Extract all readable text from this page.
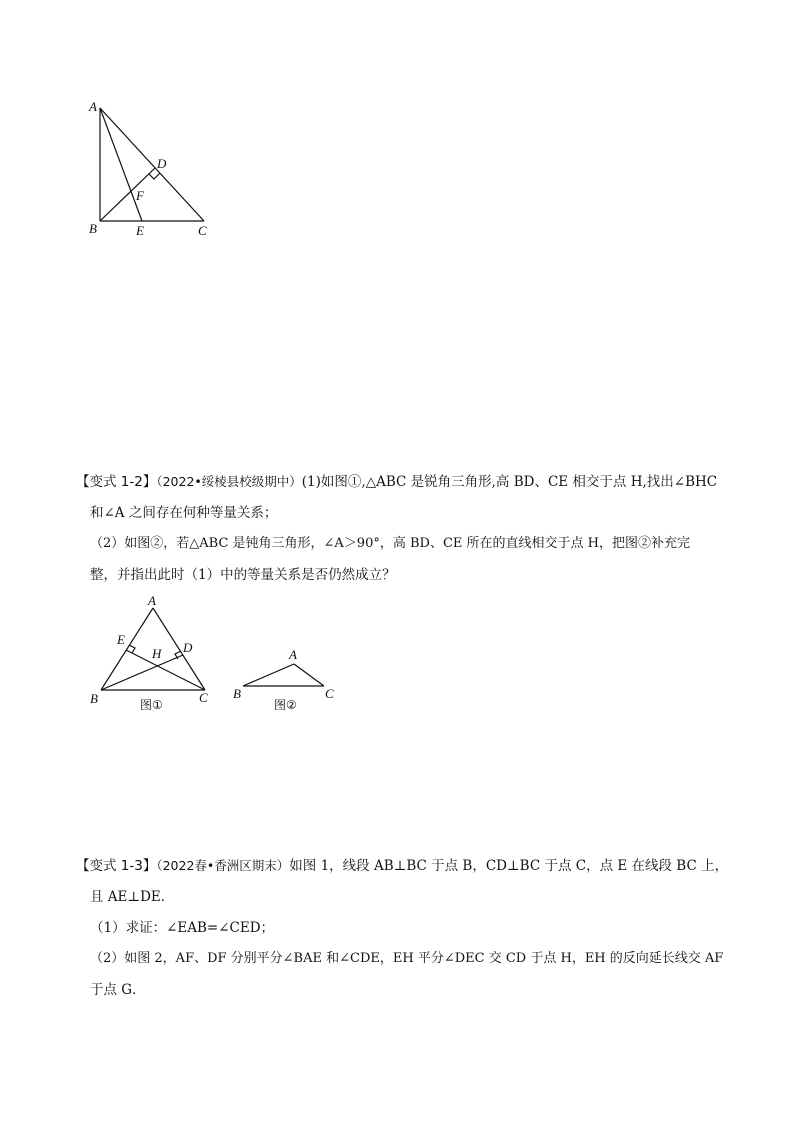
A
B	C
D
E
F
【变式 1-2】（2022•绥棱县校级期中）(1)如图①,△ABC 是锐角三角形,高 BD、CE 相交于点 H,找出∠BHC
和∠A 之间存在何种等量关系；
（2）如图②，若△ABC 是钝角三角形，∠A＞90°，高 BD、CE 所在的直线相交于点 H，把图②补充完
整，并指出此时（1）中的等量关系是否仍然成立？
A
E
D
H
B	C
图①
A
B	C
图②
【变式 1-3】（2022春•香洲区期末）如图 1，线段 AB⊥BC 于点 B，CD⊥BC 于点 C，点 E 在线段 BC 上，
且 AE⊥DE．
（1）求证：∠EAB=∠CED；
（2）如图 2，AF、DF 分别平分∠BAE 和∠CDE，EH 平分∠DEC 交 CD 于点 H，EH 的反向延长线交 AF
于点 G．
